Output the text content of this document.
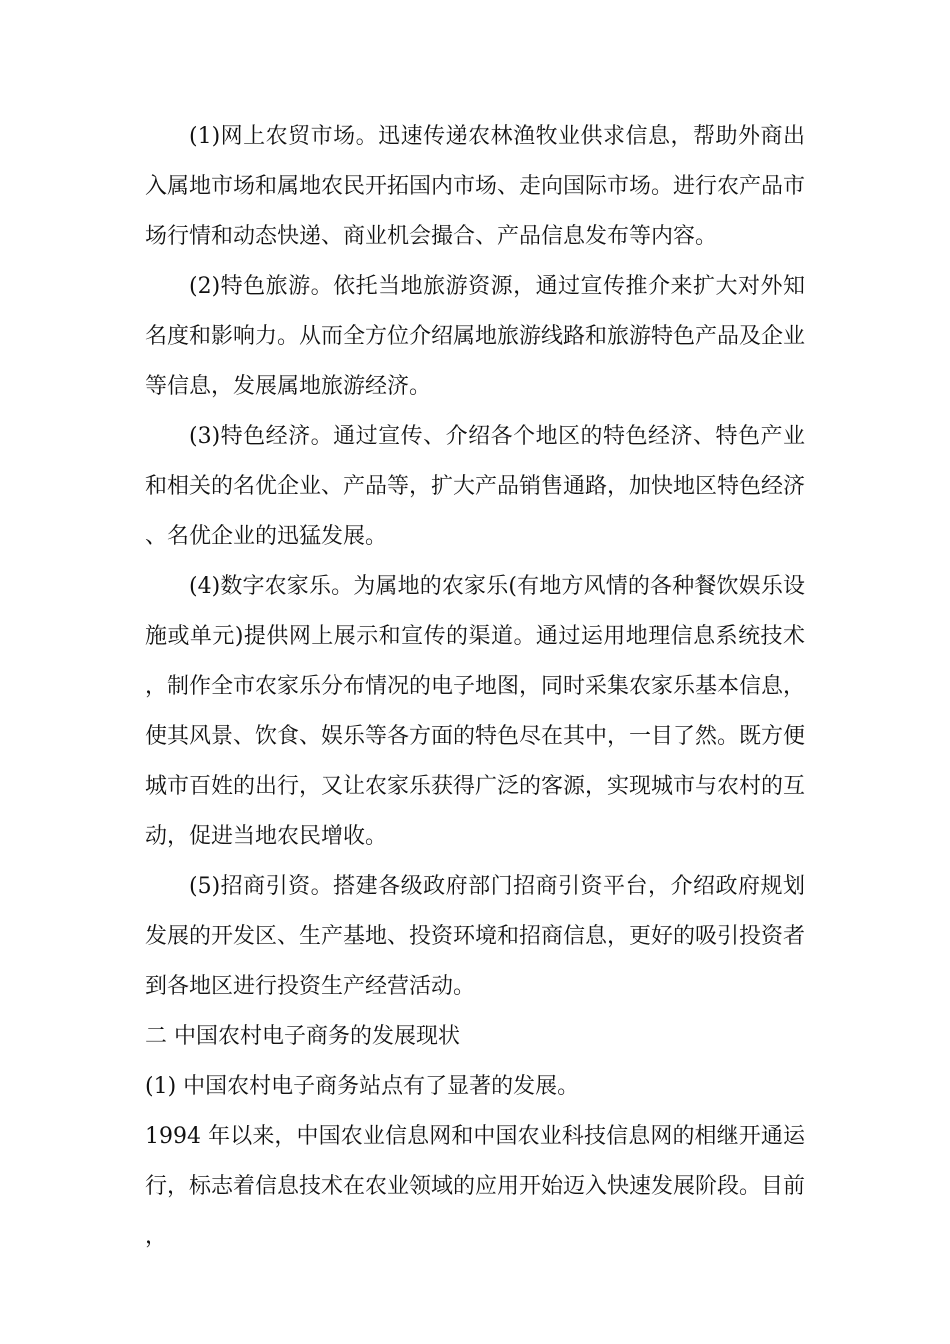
(1)网上农贸市场。迅速传递农林渔牧业供求信息，帮助外商出入属地市场和属地农民开拓国内市场、走向国际市场。进行农产品市场行情和动态快递、商业机会撮合、产品信息发布等内容。

(2)特色旅游。依托当地旅游资源，通过宣传推介来扩大对外知名度和影响力。从而全方位介绍属地旅游线路和旅游特色产品及企业等信息，发展属地旅游经济。

(3)特色经济。通过宣传、介绍各个地区的特色经济、特色产业和相关的名优企业、产品等，扩大产品销售通路，加快地区特色经济、名优企业的迅猛发展。

(4)数字农家乐。为属地的农家乐(有地方风情的各种餐饮娱乐设施或单元)提供网上展示和宣传的渠道。通过运用地理信息系统技术，制作全市农家乐分布情况的电子地图，同时采集农家乐基本信息，使其风景、饮食、娱乐等各方面的特色尽在其中，一目了然。既方便城市百姓的出行，又让农家乐获得广泛的客源，实现城市与农村的互动，促进当地农民增收。

(5)招商引资。搭建各级政府部门招商引资平台，介绍政府规划发展的开发区、生产基地、投资环境和招商信息，更好的吸引投资者到各地区进行投资生产经营活动。

二 中国农村电子商务的发展现状

(1) 中国农村电子商务站点有了显著的发展。

1994 年以来，中国农业信息网和中国农业科技信息网的相继开通运行，标志着信息技术在农业领域的应用开始迈入快速发展阶段。目前，
